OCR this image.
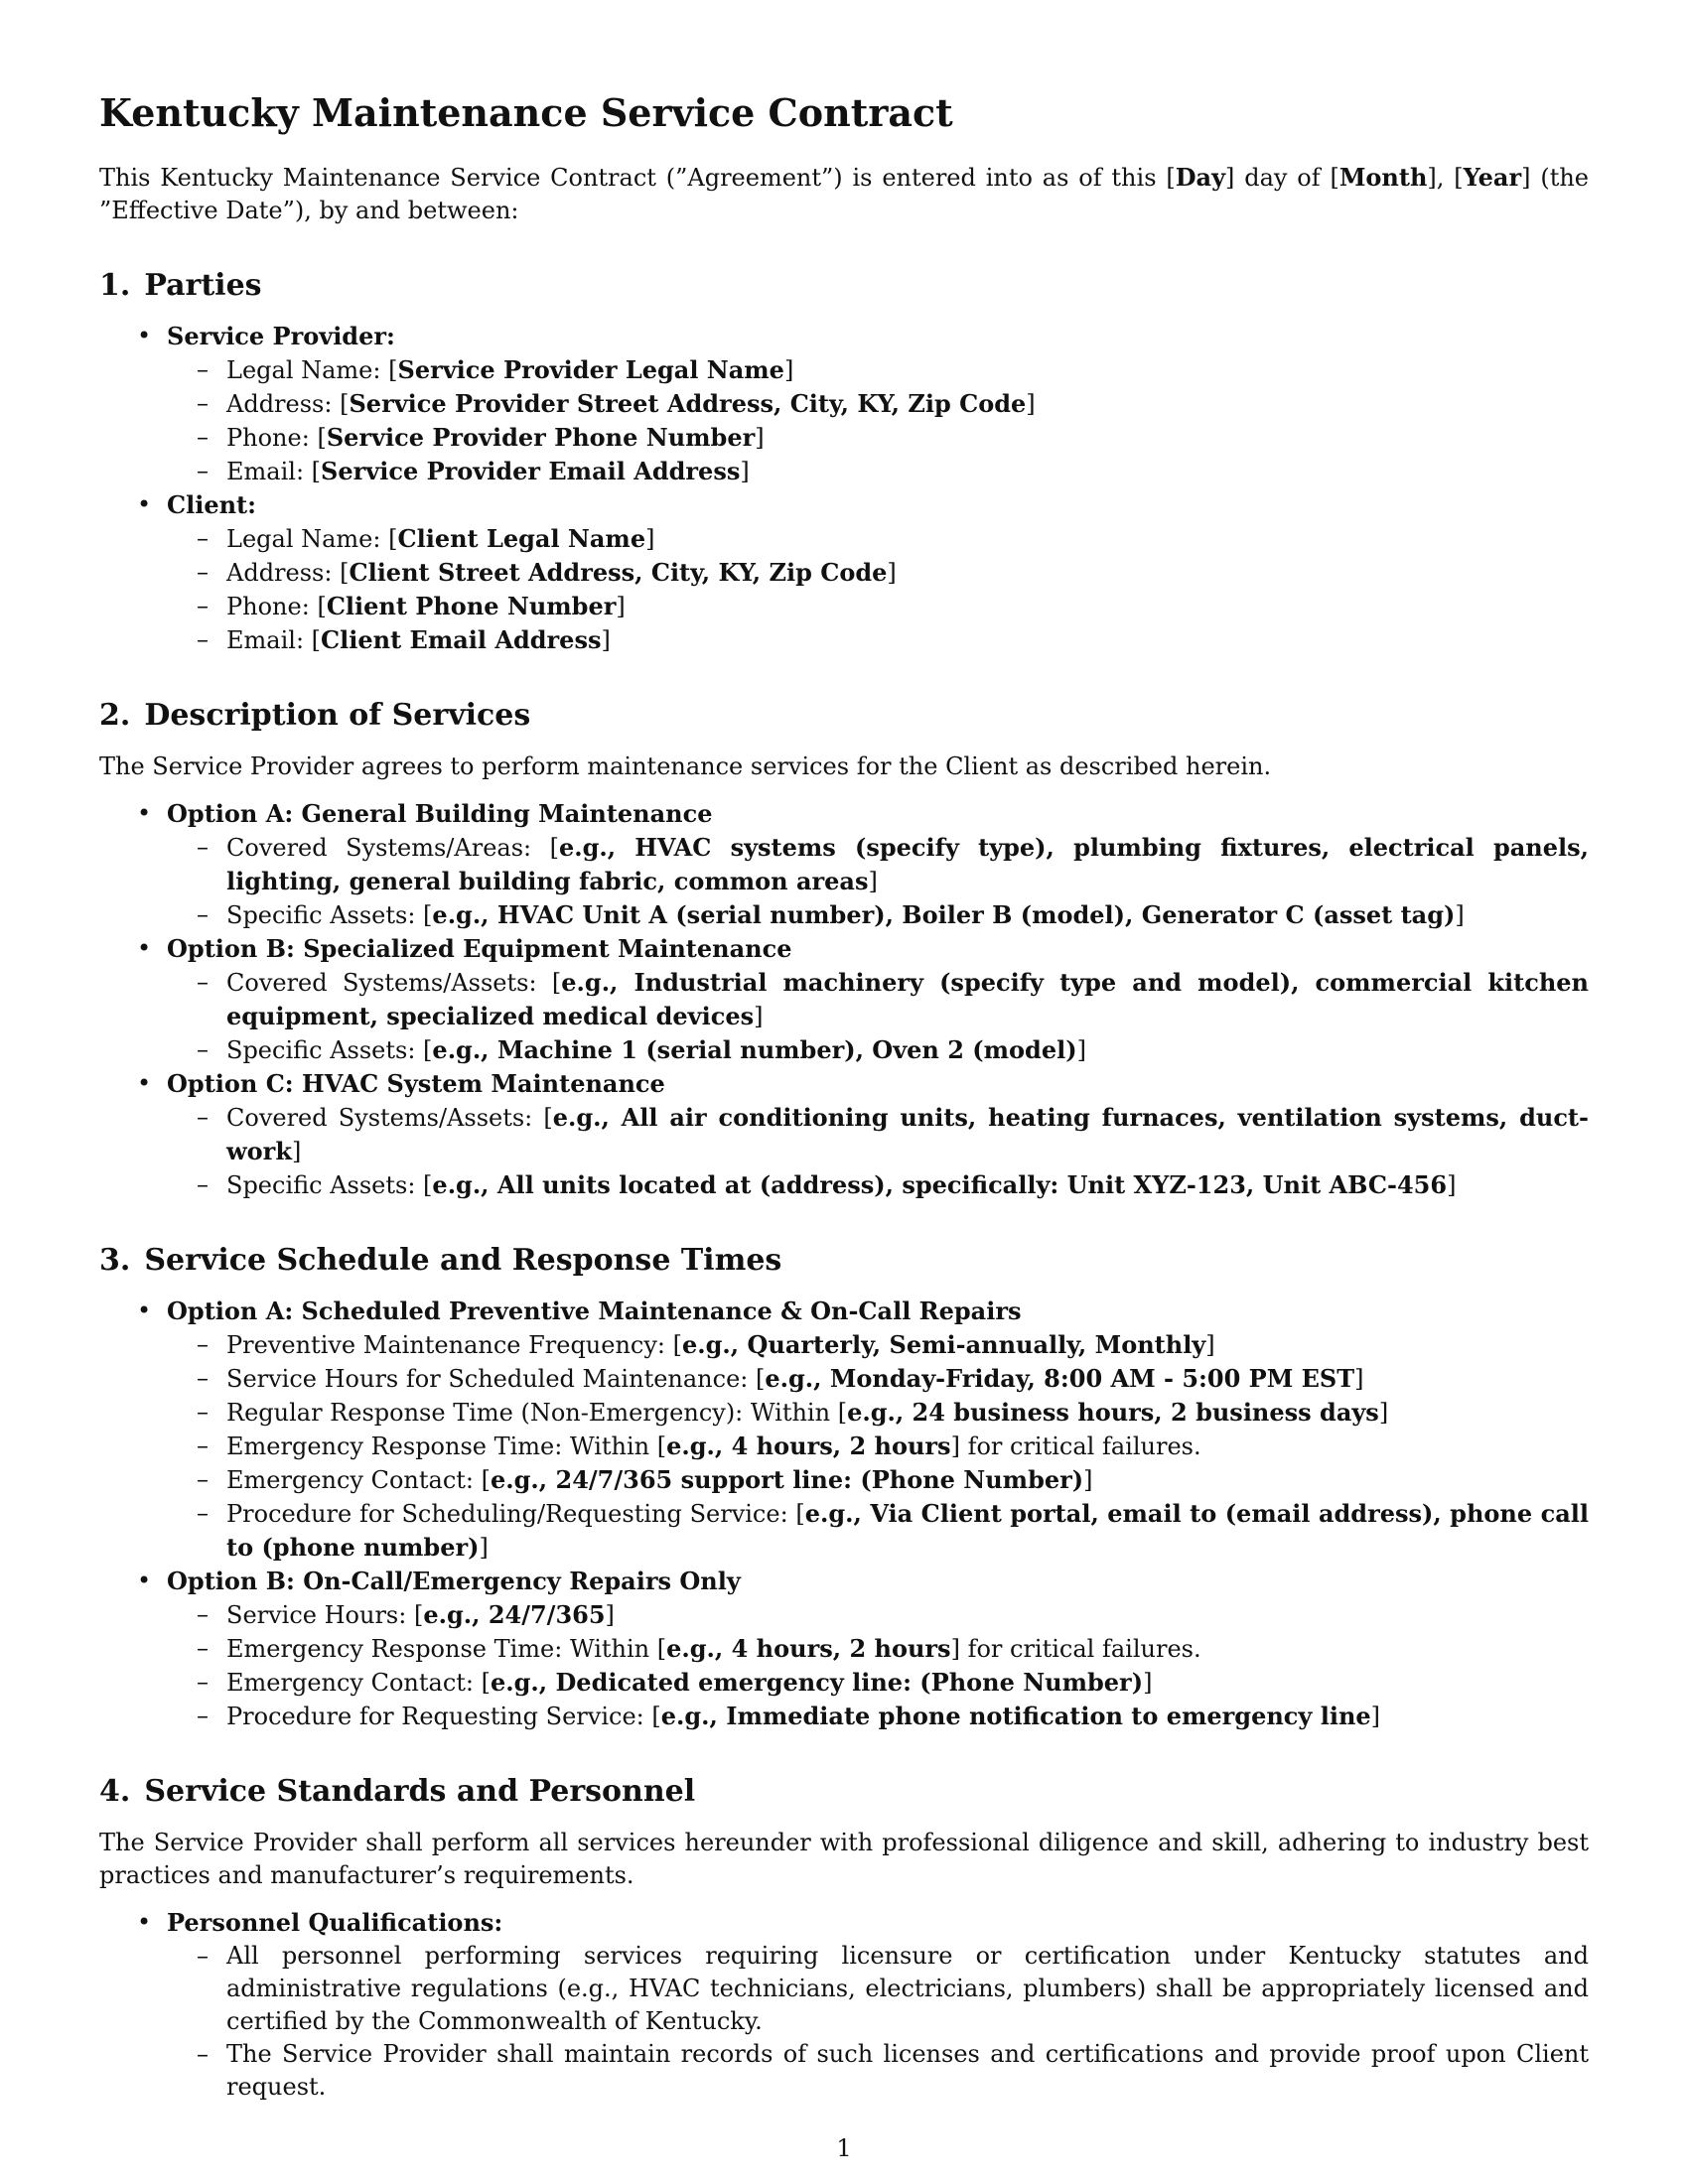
Kentucky Maintenance Service Contract

This Kentucky Maintenance Service Contract (”Agreement”) is entered into as of this [Day] day of [Month], [Year] (the ”Effective Date”), by and between:

1. Parties
• Service Provider:
– Legal Name: [Service Provider Legal Name]
– Address: [Service Provider Street Address, City, KY, Zip Code]
– Phone: [Service Provider Phone Number]
– Email: [Service Provider Email Address]
• Client:
– Legal Name: [Client Legal Name]
– Address: [Client Street Address, City, KY, Zip Code]
– Phone: [Client Phone Number]
– Email: [Client Email Address]
2. Description of Services

The Service Provider agrees to perform maintenance services for the Client as described herein.

• Option A: General Building Maintenance
– Covered Systems/Areas: [e.g., HVAC systems (specify type), plumbing fixtures, electrical panels, lighting, general building fabric, common areas]
– Specific Assets: [e.g., HVAC Unit A (serial number), Boiler B (model), Generator C (asset tag)]
• Option B: Specialized Equipment Maintenance
– Covered Systems/Assets: [e.g., Industrial machinery (specify type and model), commercial kitchen equipment, specialized medical devices]
– Specific Assets: [e.g., Machine 1 (serial number), Oven 2 (model)]
• Option C: HVAC System Maintenance
– Covered Systems/Assets: [e.g., All air conditioning units, heating furnaces, ventilation systems, ductwork]
– Specific Assets: [e.g., All units located at (address), specifically: Unit XYZ-123, Unit ABC-456]
3. Service Schedule and Response Times
• Option A: Scheduled Preventive Maintenance & On-Call Repairs
– Preventive Maintenance Frequency: [e.g., Quarterly, Semi-annually, Monthly]
– Service Hours for Scheduled Maintenance: [e.g., Monday-Friday, 8:00 AM - 5:00 PM EST]
– Regular Response Time (Non-Emergency): Within [e.g., 24 business hours, 2 business days]
– Emergency Response Time: Within [e.g., 4 hours, 2 hours] for critical failures.
– Emergency Contact: [e.g., 24/7/365 support line: (Phone Number)]
– Procedure for Scheduling/Requesting Service: [e.g., Via Client portal, email to (email address), phone call to (phone number)]
• Option B: On-Call/Emergency Repairs Only
– Service Hours: [e.g., 24/7/365]
– Emergency Response Time: Within [e.g., 4 hours, 2 hours] for critical failures.
– Emergency Contact: [e.g., Dedicated emergency line: (Phone Number)]
– Procedure for Requesting Service: [e.g., Immediate phone notification to emergency line]
4. Service Standards and Personnel

The Service Provider shall perform all services hereunder with professional diligence and skill, adhering to industry best practices and manufacturer’s requirements.

• Personnel Qualifications:
– All personnel performing services requiring licensure or certification under Kentucky statutes and administrative regulations (e.g., HVAC technicians, electricians, plumbers) shall be appropriately licensed and certified by the Commonwealth of Kentucky.
– The Service Provider shall maintain records of such licenses and certifications and provide proof upon Client request.
1
